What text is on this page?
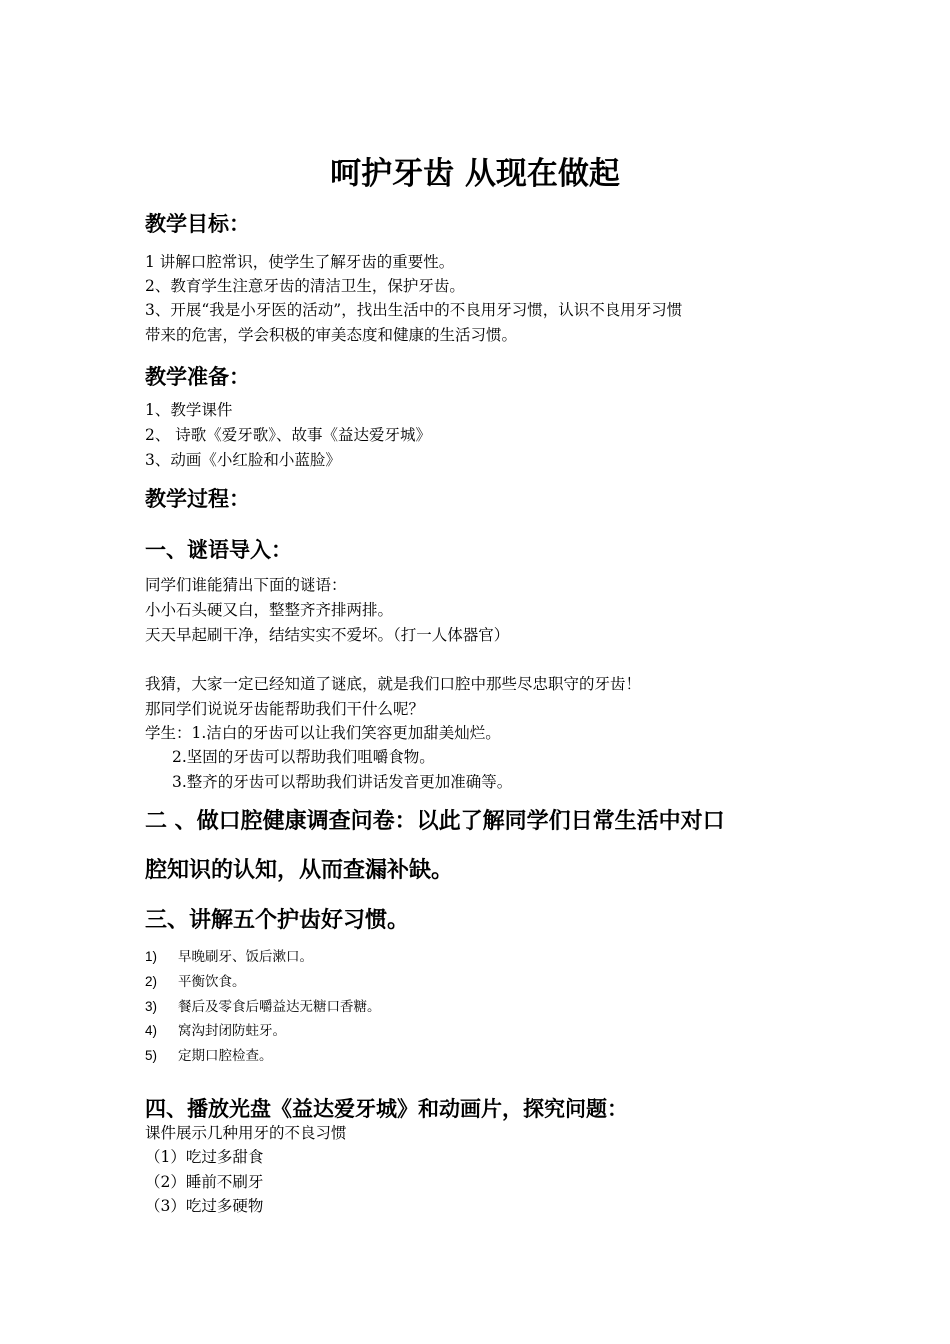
呵护牙齿 从现在做起
教学目标：

1 讲解口腔常识，使学生了解牙齿的重要性。

2、教育学生注意牙齿的清洁卫生，保护牙齿。

3、开展“我是小牙医的活动”，找出生活中的不良用牙习惯，认识不良用牙习惯

带来的危害，学会积极的审美态度和健康的生活习惯。

教学准备：

1、教学课件

2、 诗歌《爱牙歌》、故事《益达爱牙城》

3、动画《小红脸和小蓝脸》

教学过程：
一、谜语导入：

同学们谁能猜出下面的谜语：

小小石头硬又白，整整齐齐排两排。

天天早起刷干净，结结实实不爱坏。（打一人体器官）

我猜，大家一定已经知道了谜底，就是我们口腔中那些尽忠职守的牙齿！

那同学们说说牙齿能帮助我们干什么呢？

学生：1.洁白的牙齿可以让我们笑容更加甜美灿烂。

2.坚固的牙齿可以帮助我们咀嚼食物。

3.整齐的牙齿可以帮助我们讲话发音更加准确等。

二 、做口腔健康调查问卷：以此了解同学们日常生活中对口
腔知识的认知，从而查漏补缺。
三、讲解五个护齿好习惯。

1) 早晚刷牙、饭后漱口。

2) 平衡饮食。

3) 餐后及零食后嚼益达无糖口香糖。

4) 窝沟封闭防蛀牙。

5) 定期口腔检查。

四、播放光盘《益达爱牙城》和动画片，探究问题：

课件展示几种用牙的不良习惯

（1）吃过多甜食

（2）睡前不刷牙

（3）吃过多硬物
